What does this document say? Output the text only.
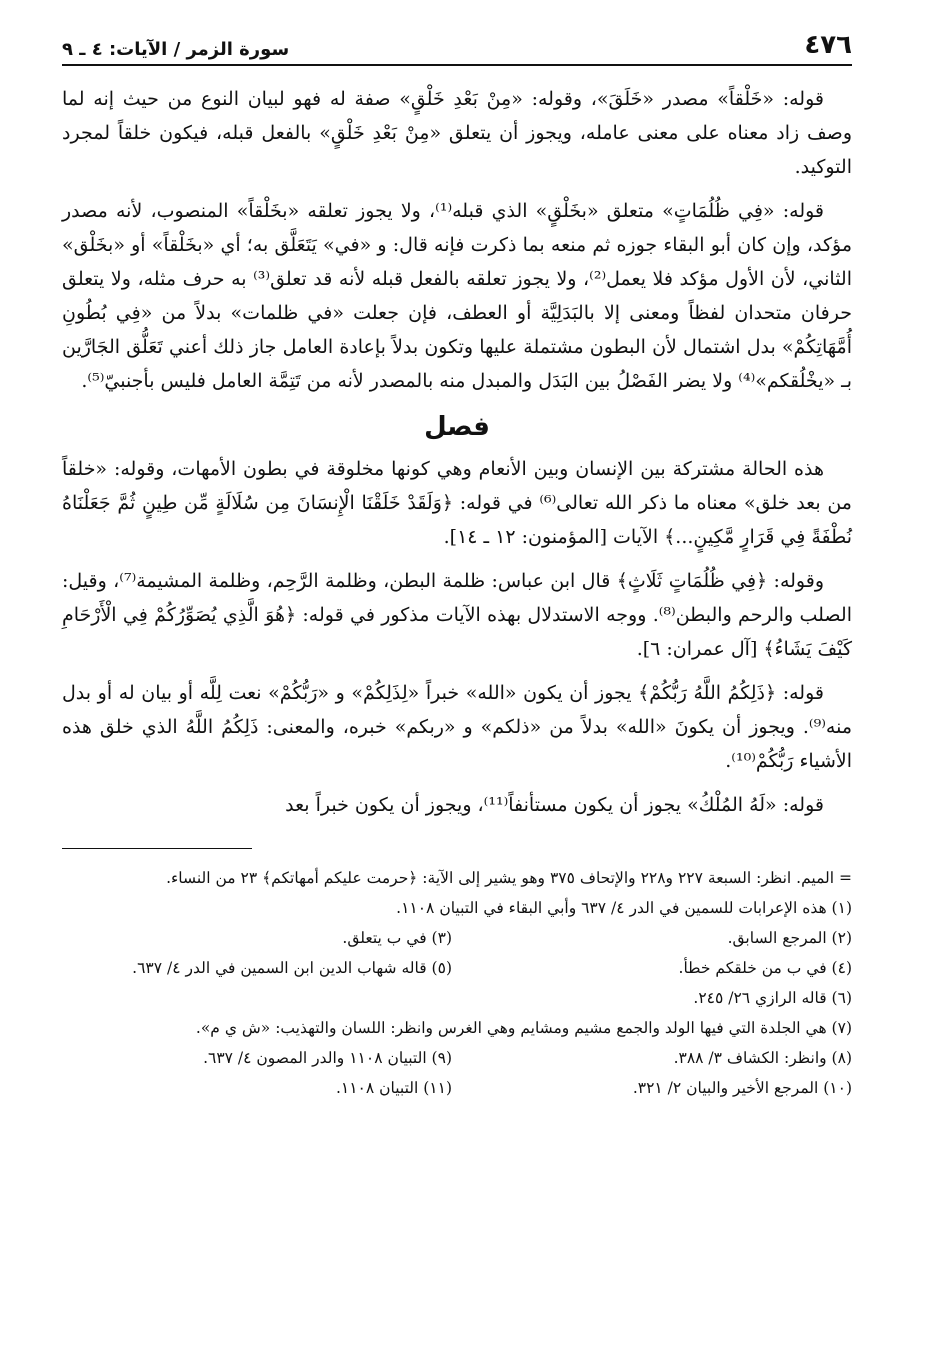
٤٧٦
سورة الزمر / الآيات: ٤ ـ ٩

قوله: «خَلْقاً» مصدر «خَلَقَ»، وقوله: «مِنْ بَعْدِ خَلْقٍ» صفة له فهو لبيان النوع من حيث إنه لما وصف زاد معناه على معنى عامله، ويجوز أن يتعلق «مِنْ بَعْدِ خَلْقٍ» بالفعل قبله، فيكون خلقاً لمجرد التوكيد.

قوله: «فِي ظُلُمَاتٍ» متعلق «بخَلْقٍ» الذي قبله⁽¹⁾، ولا يجوز تعلقه «بخَلْقاً» المنصوب، لأنه مصدر مؤكد، وإن كان أبو البقاء جوزه ثم منعه بما ذكرت فإنه قال: و «في» يَتَعَلَّق به؛ أي «بخَلْقاً» أو «بخَلْق» الثاني، لأن الأول مؤكد فلا يعمل⁽²⁾، ولا يجوز تعلقه بالفعل قبله لأنه قد تعلق⁽³⁾ به حرف مثله، ولا يتعلق حرفان متحدان لفظاً ومعنى إلا بالبَدَلِيَّة أو العطف، فإن جعلت «في ظلمات» بدلاً من «فِي بُطُونِ أُمَّهَاتِكُمْ» بدل اشتمال لأن البطون مشتملة عليها وتكون بدلاً بإعادة العامل جاز ذلك أعني تَعَلُّق الجَارَّين بـ «يخْلُقكم»⁽⁴⁾ ولا يضر الفَصْلُ بين البَدَل والمبدل منه بالمصدر لأنه من تَتِمَّة العامل فليس بأجنبيّ⁽⁵⁾.

فصل

هذه الحالة مشتركة بين الإنسان وبين الأنعام وهي كونها مخلوقة في بطون الأمهات، وقوله: «خلقاً من بعد خلق» معناه ما ذكر الله تعالى⁽⁶⁾ في قوله: ﴿وَلَقَدْ خَلَقْنَا الْإِنسَانَ مِن سُلَالَةٍ مِّن طِينٍ ثُمَّ جَعَلْنَاهُ نُطْفَةً فِي قَرَارٍ مَّكِينٍ...﴾ الآيات [المؤمنون: ١٢ ـ ١٤].

وقوله: ﴿فِي ظُلُمَاتٍ ثَلَاثٍ﴾ قال ابن عباس: ظلمة البطن، وظلمة الرَّحِم، وظلمة المشيمة⁽⁷⁾، وقيل: الصلب والرحم والبطن⁽⁸⁾. ووجه الاستدلال بهذه الآيات مذكور في قوله: ﴿هُوَ الَّذِي يُصَوِّرُكُمْ فِي الْأَرْحَامِ كَيْفَ يَشَاءُ﴾ [آل عمران: ٦].

قوله: ﴿ذَلِكُمُ اللَّهُ رَبُّكُمْ﴾ يجوز أن يكون «الله» خبراً «لِذَلِكُمْ» و «رَبُّكُمْ» نعت لِلَّه أو بيان له أو بدل منه⁽⁹⁾. ويجوز أن يكونَ «الله» بدلاً من «ذلكم» و «ربكم» خبره، والمعنى: ذَلِكُمُ اللَّهُ الذي خلق هذه الأشياء رَبُّكُمْ⁽¹⁰⁾.

قوله: «لَهُ المُلْكُ» يجوز أن يكون مستأنفاً⁽¹¹⁾، ويجوز أن يكون خبراً بعد

= الميم. انظر: السبعة ٢٢٧ و٢٢٨ والإتحاف ٣٧٥ وهو يشير إلى الآية: ﴿حرمت عليكم أمهاتكم﴾ ٢٣ من النساء.

(١) هذه الإعرابات للسمين في الدر ٤/ ٦٣٧ وأبي البقاء في التبيان ١١٠٨.

(٢) المرجع السابق.

(٣) في ب يتعلق.

(٤) في ب من خلقكم خطأ.

(٥) قاله شهاب الدين ابن السمين في الدر ٤/ ٦٣٧.

(٦) قاله الرازي ٢٦/ ٢٤٥.

(٧) هي الجلدة التي فيها الولد والجمع مشيم ومشايم وهي الغرس وانظر: اللسان والتهذيب: «ش ي م».

(٨) وانظر: الكشاف ٣/ ٣٨٨.

(٩) التبيان ١١٠٨ والدر المصون ٤/ ٦٣٧.

(١٠) المرجع الأخير والبيان ٢/ ٣٢١.

(١١) التبيان ١١٠٨.
